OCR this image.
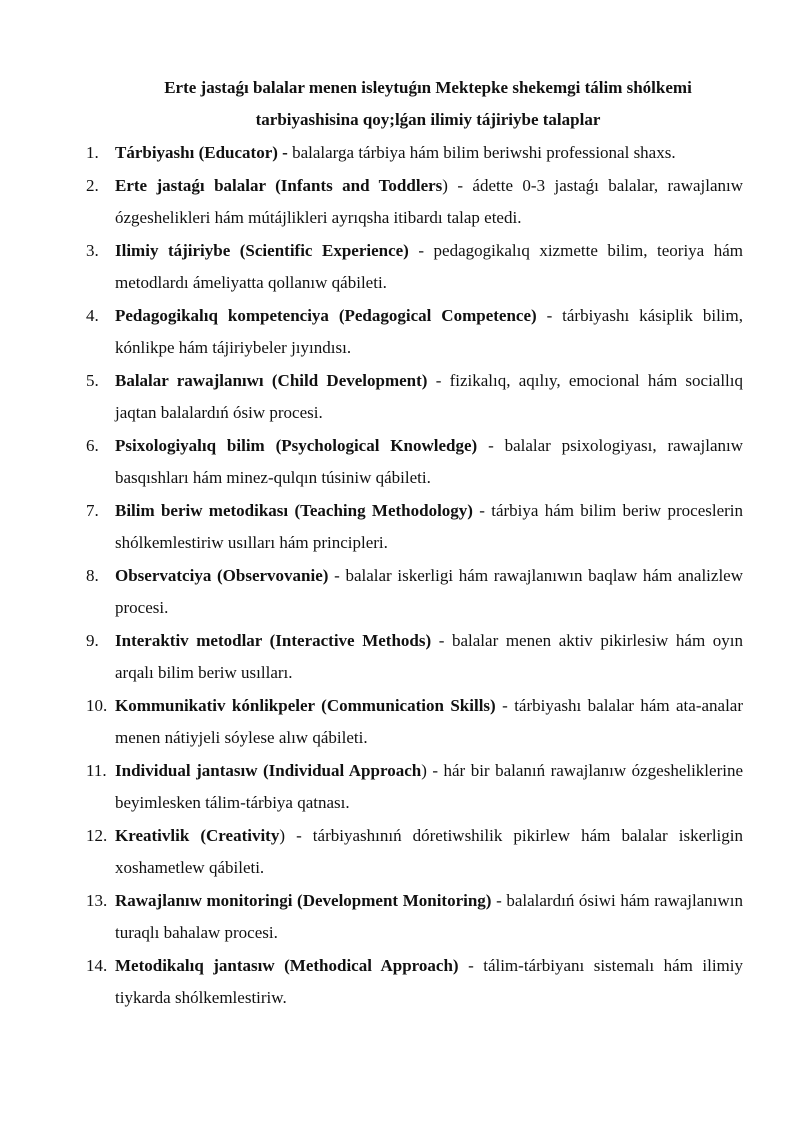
Erte jastaǵı balalar menen isleytuǵın Mektepke shekemgi tálim shólkemi
tarbiyashisina qoy;lǵan ilimiy tájiriybe talaplar
1. Tárbiyashı (Educator) - balalarga tárbiya hám bilim beriwshi professional shaxs.
2. Erte jastaǵı balalar (Infants and Toddlers) - ádette 0-3 jastaǵı balalar, rawajlanıw ózgeshelikleri hám mútájlikleri ayrıqsha itibardı talap etedi.
3. Ilimiy tájiriybe (Scientific Experience) - pedagogikalıq xizmette bilim, teoriya hám metodlardı ámeliyatta qollanıw qábileti.
4. Pedagogikalıq kompetenciya (Pedagogical Competence) - tárbiyashı kásiplik bilim, kónlikpe hám tájiriybeler jıyındısı.
5. Balalar rawajlanıwı (Child Development) - fizikalıq, aqılıy, emocional hám sociallıq jaqtan balalardıń ósiw procesi.
6. Psixologiyalıq bilim (Psychological Knowledge) - balalar psixologiyası, rawajlanıw basqıshları hám minez-qulqın túsiniw qábileti.
7. Bilim beriw metodikası (Teaching Methodology) - tárbiya hám bilim beriw proceslerin shólkemlestiriw usılları hám principleri.
8. Observatciya (Observovanie) - balalar iskerligi hám rawajlanıwın baqlaw hám analizlew procesi.
9. Interaktiv metodlar (Interactive Methods) - balalar menen aktiv pikirlesiw hám oyın arqalı bilim beriw usılları.
10. Kommunikativ kónlikpeler (Communication Skills) - tárbiyashı balalar hám ata-analar menen nátiyjeli sóylese alıw qábileti.
11. Individual jantasıw (Individual Approach) - hár bir balanıń rawajlanıw ózgesheliklerine beyimlesken tálim-tárbiya qatnası.
12. Kreativlik (Creativity) - tárbiyashınıń dóretiwshilik pikirlew hám balalar iskerligin xoshametlew qábileti.
13. Rawajlanıw monitoringi (Development Monitoring) - balalardıń ósiwi hám rawajlanıwın turaqlı bahalaw procesi.
14. Metodikalıq jantasıw (Methodical Approach) - tálim-tárbiyanı sistemalı hám ilimiy tiykarda shólkemlestiriw.
